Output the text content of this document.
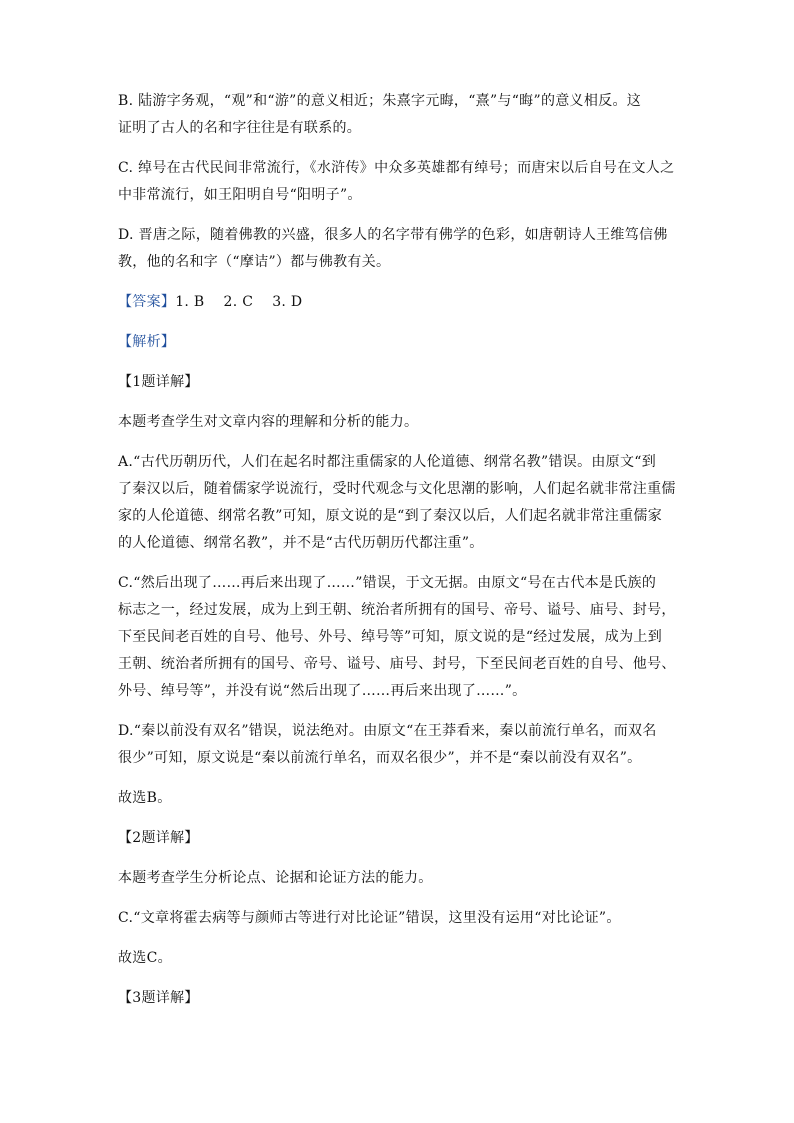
B. 陆游字务观，“观”和“游”的意义相近；朱熹字元晦，“熹”与“晦”的意义相反。这
证明了古人的名和字往往是有联系的。

C. 绰号在古代民间非常流行，《水浒传》中众多英雄都有绰号；而唐宋以后自号在文人之
中非常流行，如王阳明自号“阳明子”。

D. 晋唐之际，随着佛教的兴盛，很多人的名字带有佛学的色彩，如唐朝诗人王维笃信佛
教，他的名和字（“摩诘”）都与佛教有关。

【答案】1. B    2. C    3. D

【解析】

【1题详解】

本题考查学生对文章内容的理解和分析的能力。

A.“古代历朝历代，人们在起名时都注重儒家的人伦道德、纲常名教”错误。由原文“到
了秦汉以后，随着儒家学说流行，受时代观念与文化思潮的影响，人们起名就非常注重儒
家的人伦道德、纲常名教”可知，原文说的是“到了秦汉以后，人们起名就非常注重儒家
的人伦道德、纲常名教”，并不是“古代历朝历代都注重”。

C.“然后出现了……再后来出现了……”错误，于文无据。由原文“号在古代本是氏族的
标志之一，经过发展，成为上到王朝、统治者所拥有的国号、帝号、谥号、庙号、封号，
下至民间老百姓的自号、他号、外号、绰号等”可知，原文说的是“经过发展，成为上到
王朝、统治者所拥有的国号、帝号、谥号、庙号、封号，下至民间老百姓的自号、他号、
外号、绰号等”，并没有说“然后出现了……再后来出现了……”。

D.“秦以前没有双名”错误，说法绝对。由原文“在王莽看来，秦以前流行单名，而双名
很少”可知，原文说是“秦以前流行单名，而双名很少”，并不是“秦以前没有双名”。

故选B。

【2题详解】

本题考查学生分析论点、论据和论证方法的能力。

C.“文章将霍去病等与颜师古等进行对比论证”错误，这里没有运用“对比论证”。

故选C。

【3题详解】
